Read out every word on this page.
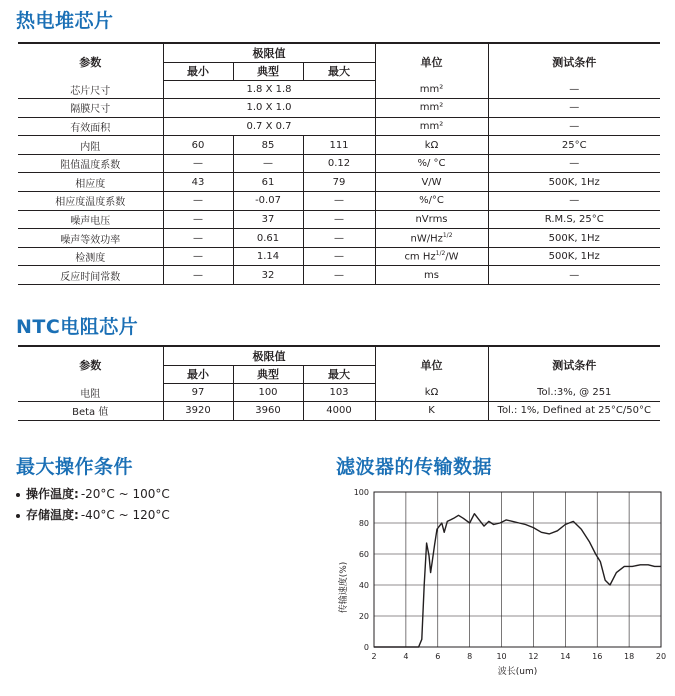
热电堆芯片
参数	极限值			单位	测试条件
	最小	典型	最大		
芯片尺寸	1.8 X 1.8			mm²	—
隔膜尺寸	1.0 X 1.0			mm²	—
有效面积	0.7 X 0.7			mm²	—
内阻	60	85	111	kΩ	25°C
阻值温度系数	—	—	0.12	%/ °C	—
相应度	43	61	79	V/W	500K, 1Hz
相应度温度系数	—	-0.07	—	%/°C	—
噪声电压	—	37	—	nVrms	R.M.S, 25°C
噪声等效功率	—	0.61	—	$nW/Hz^{1/2}$	500K, 1Hz
检测度	—	1.14	—	cm $Hz^{1/2}/W$	500K, 1Hz
反应时间常数	—	32	—	ms	—
NTC电阻芯片
参数	极限值			单位	测试条件
	最小	典型	最大		
电阻	97	100	103	kΩ	Tol.:3%, @ 251
Beta 值	3920	3960	4000	K	Tol.: 1%, Defined at 25°C/50°C
最大操作条件
操作温度: -20°C ~ 100°C
存储温度: -40°C ~ 120°C
滤波器的传输数据
2	4	6	8	10	12	14	16	18	20
0
20
40
60
80
100
波长(um)
传输速度(%)
